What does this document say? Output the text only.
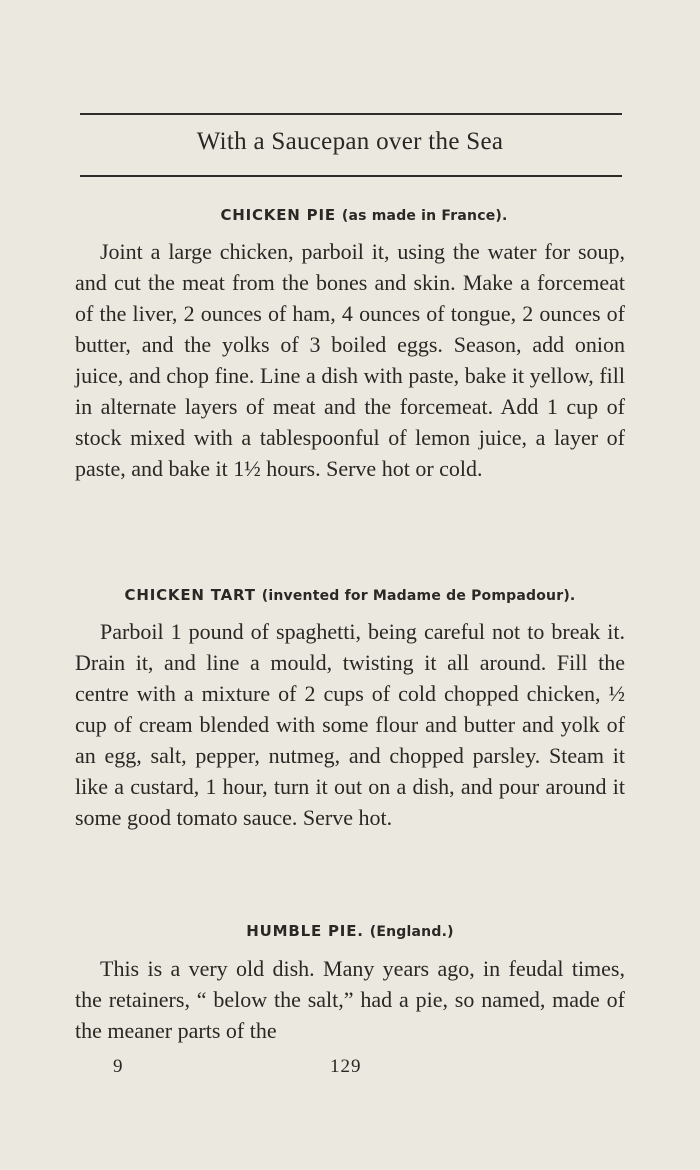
With a Saucepan over the Sea
CHICKEN PIE (as made in France).

Joint a large chicken, parboil it, using the water for soup, and cut the meat from the bones and skin. Make a forcemeat of the liver, 2 ounces of ham, 4 ounces of tongue, 2 ounces of butter, and the yolks of 3 boiled eggs. Season, add onion juice, and chop fine. Line a dish with paste, bake it yellow, fill in alternate layers of meat and the forcemeat. Add 1 cup of stock mixed with a tablespoonful of lemon juice, a layer of paste, and bake it 1½ hours. Serve hot or cold.

CHICKEN TART (invented for Madame de Pompadour).

Parboil 1 pound of spaghetti, being careful not to break it. Drain it, and line a mould, twisting it all around. Fill the centre with a mixture of 2 cups of cold chopped chicken, ½ cup of cream blended with some flour and butter and yolk of an egg, salt, pepper, nutmeg, and chopped parsley. Steam it like a custard, 1 hour, turn it out on a dish, and pour around it some good tomato sauce. Serve hot.

HUMBLE PIE. (England.)

This is a very old dish. Many years ago, in feudal times, the retainers, “ below the salt,” had a pie, so named, made of the meaner parts of the

9	129
